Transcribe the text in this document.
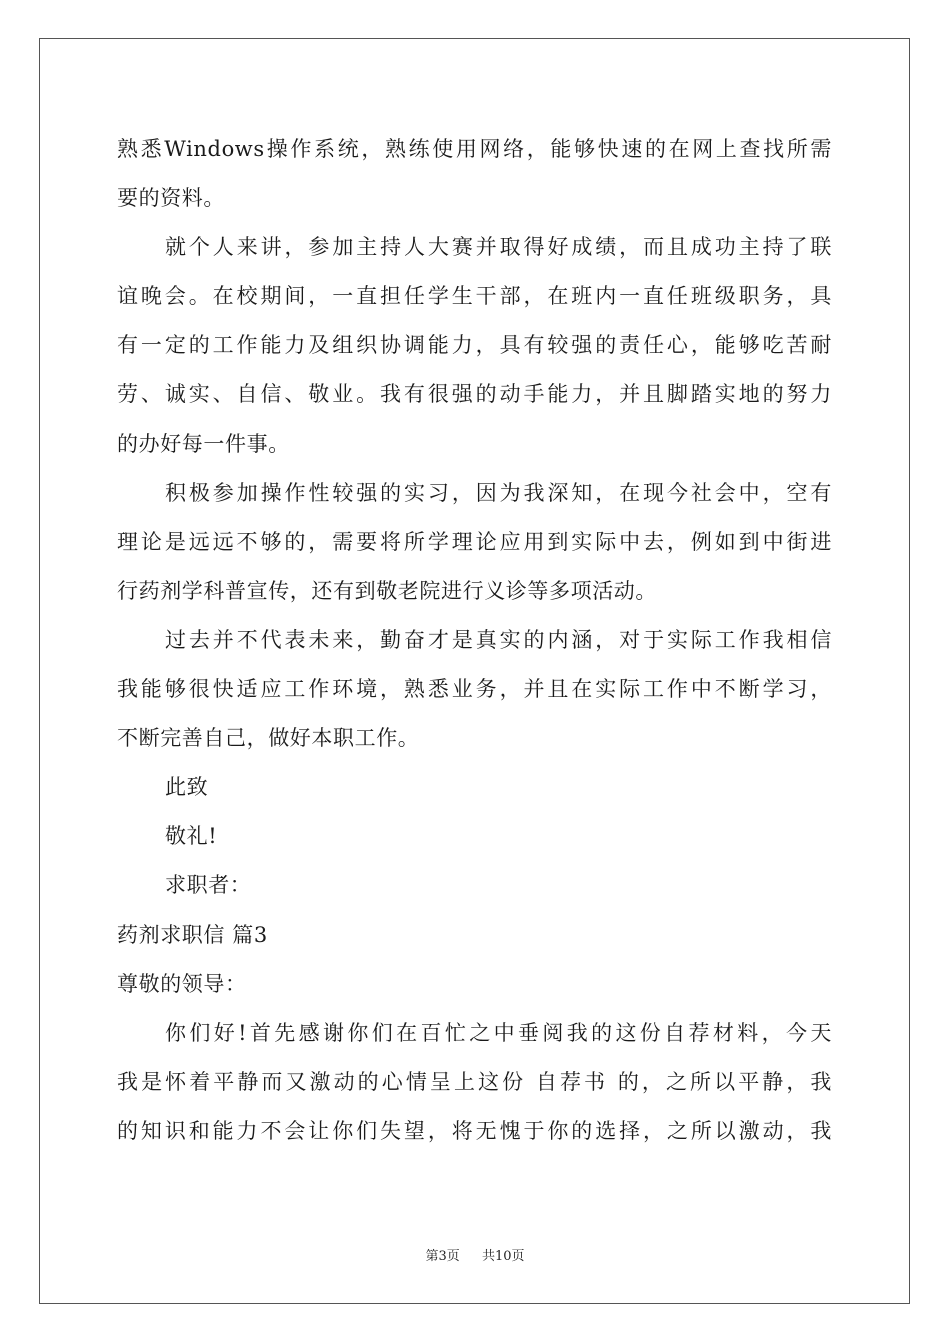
熟悉Windows操作系统，熟练使用网络，能够快速的在网上查找所需
要的资料。
就个人来讲，参加主持人大赛并取得好成绩，而且成功主持了联
谊晚会。在校期间，一直担任学生干部，在班内一直任班级职务，具
有一定的工作能力及组织协调能力，具有较强的责任心，能够吃苦耐
劳、诚实、自信、敬业。我有很强的动手能力，并且脚踏实地的努力
的办好每一件事。
积极参加操作性较强的实习，因为我深知，在现今社会中，空有
理论是远远不够的，需要将所学理论应用到实际中去，例如到中街进
行药剂学科普宣传，还有到敬老院进行义诊等多项活动。
过去并不代表未来，勤奋才是真实的内涵，对于实际工作我相信
我能够很快适应工作环境，熟悉业务，并且在实际工作中不断学习，
不断完善自己，做好本职工作。
此致
敬礼!
求职者：
药剂求职信 篇3
尊敬的领导：
你们好!首先感谢你们在百忙之中垂阅我的这份自荐材料，今天
我是怀着平静而又激动的心情呈上这份 自荐书 的，之所以平静，我
的知识和能力不会让你们失望，将无愧于你的选择，之所以激动，我
第3页 共10页
